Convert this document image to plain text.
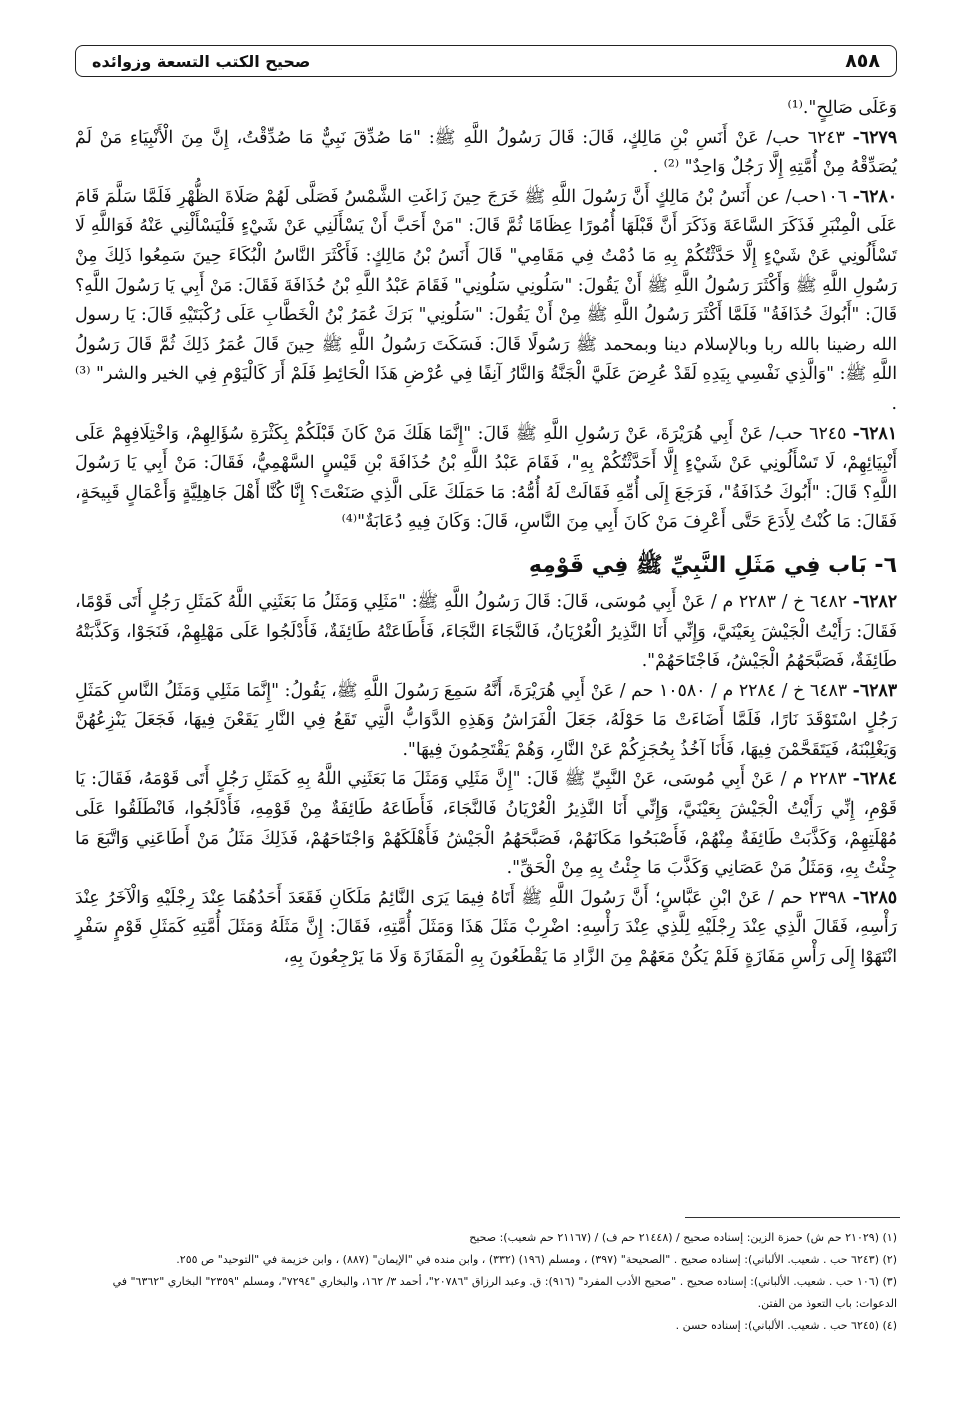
٨٥٨
صحيح الكتب التسعة وزوائده

وَعَلَى صَالِحٍ".⁽¹⁾

٦٢٧٩- ٦٢٤٣ حب/ عَنْ أَنَسِ بْنِ مَالِكٍ، قَالَ: قَالَ رَسُولُ اللَّهِ ﷺ: "مَا صُدِّقَ نَبِيٌّ مَا صُدِّقْتُ، إِنَّ مِنَ الْأَنْبِيَاءِ مَنْ لَمْ يُصَدِّقْهُ مِنْ أُمَّتِهِ إِلَّا رَجُلٌ وَاحِدٌ" ⁽²⁾ .

٦٢٨٠- ١٠٦حب/ عن أَنَسُ بْنُ مَالِكٍ أَنَّ رَسُولَ اللَّهِ ﷺ خَرَجَ حِينَ زَاغَتِ الشَّمْسُ فَصَلَّى لَهُمْ صَلَاةَ الظُّهْرِ فَلَمَّا سَلَّمَ قَامَ عَلَى الْمِنْبَرِ فَذَكَرَ السَّاعَةَ وَذَكَرَ أَنَّ قَبْلَهَا أُمُورًا عِظَامًا ثُمَّ قَالَ: "مَنْ أَحَبَّ أَنْ يَسْأَلَنِي عَنْ شَيْءٍ فَلْيَسْأَلْنِي عَنْهُ فَوَاللَّهِ لَا تَسْأَلُونِي عَنْ شَيْءٍ إِلَّا حَدَّثْتُكُمْ بِهِ مَا دُمْتُ فِي مَقَامِي" قَالَ أَنَسُ بْنُ مَالِكٍ: فَأَكْثَرَ النَّاسُ الْبُكَاءَ حِينَ سَمِعُوا ذَلِكَ مِنْ رَسُولِ اللَّهِ ﷺ وَأَكْثَرَ رَسُولُ اللَّهِ ﷺ أَنْ يَقُولَ: "سَلُونِي سَلُونِي" فَقَامَ عَبْدُ اللَّهِ بْنُ حُذَافَةَ فَقَالَ: مَنْ أَبِي يَا رَسُولَ اللَّهِ؟ قَالَ: "أَبُوكَ حُذَافَةُ" فَلَمَّا أَكْثَرَ رَسُولُ اللَّهِ ﷺ مِنْ أَنْ يَقُولَ: "سَلُونِي" بَرَكَ عُمَرُ بْنُ الْخَطَّابِ عَلَى رُكْبَتَيْهِ قَالَ: يَا رسول الله رضينا بالله ربا وبالإسلام دينا وبمحمد ﷺ رَسُولًا قَالَ: فَسَكَتَ رَسُولُ اللَّهِ ﷺ حِينَ قَالَ عُمَرُ ذَلِكَ ثُمَّ قَالَ رَسُولُ اللَّهِ ﷺ: "وَالَّذِي نَفْسِي بِيَدِهِ لَقَدْ عُرِضَ عَلَيَّ الْجَنَّةُ وَالنَّارُ آنِفًا فِي عُرْضِ هَذَا الْحَائِطِ فَلَمْ أَرَ كَالْيَوْمِ فِي الخير والشر" ⁽³⁾ .

٦٢٨١- ٦٢٤٥ حب/ عَنْ أَبِي هُرَيْرَةَ، عَنْ رَسُولِ اللَّهِ ﷺ قَالَ: "إِنَّمَا هَلَكَ مَنْ كَانَ قَبْلَكُمْ بِكَثْرَةِ سُؤَالِهِمْ، وَاخْتِلَافِهِمْ عَلَى أَنْبِيَائِهِمْ، لَا تَسْأَلُونِي عَنْ شَيْءٍ إِلَّا أَحَدَّثْتُكُمْ بِهِ"، فَقَامَ عَبْدُ اللَّهِ بْنُ حُذَافَةَ بْنِ قَيْسٍ السَّهْمِيُّ، فَقَالَ: مَنْ أَبِي يَا رَسُولَ اللَّهِ؟ قَالَ: "أَبُوكَ حُذَافَةُ"، فَرَجَعَ إِلَى أُمِّهِ فَقَالَتْ لَهُ أُمُّهُ: مَا حَمَلَكَ عَلَى الَّذِي صَنَعْتَ؟ إِنَّا كُنَّا أَهْلَ جَاهِلِيَّةٍ وَأَعْمَالٍ قَبِيحَةٍ، فَقَالَ: مَا كُنْتُ لِأَدَعَ حَتَّى أَعْرِفَ مَنْ كَانَ أَبِي مِنَ النَّاسِ، قَالَ: وَكَانَ فِيهِ دُعَابَةٌ"⁽⁴⁾

٦- بَاب فِي مَثَلِ النَّبِيِّ ﷺ فِي قَوْمِهِ

٦٢٨٢- ٦٤٨٢ خ / ٢٢٨٣ م / عَنْ أَبِي مُوسَى، قَالَ: قَالَ رَسُولُ اللَّهِ ﷺ: "مَثَلِي وَمَثَلُ مَا بَعَثَنِي اللَّهُ كَمَثَلِ رَجُلٍ أَتَى قَوْمًا، فَقَالَ: رَأَيْتُ الْجَيْشَ بِعَيْنَيَّ، وَإِنِّي أَنَا النَّذِيرُ الْعُرْيَانُ، فَالنَّجَاءَ النَّجَاءَ، فَأَطَاعَتْهُ طَائِفَةٌ، فَأَدْلَجُوا عَلَى مَهْلِهِمْ، فَنَجَوْا، وَكَذَّبَتْهُ طَائِفَةٌ، فَصَبَّحَهُمُ الْجَيْشُ، فَاجْتَاحَهُمْ".

٦٢٨٣- ٦٤٨٣ خ / ٢٢٨٤ م / ١٠٥٨٠ حم / عَنْ أَبِي هُرَيْرَةَ، أَنَّهُ سَمِعَ رَسُولَ اللَّهِ ﷺ، يَقُولُ: "إِنَّمَا مَثَلِي وَمَثَلُ النَّاسِ كَمَثَلِ رَجُلٍ اسْتَوْقَدَ نَارًا، فَلَمَّا أَضَاءَتْ مَا حَوْلَهُ، جَعَلَ الْفَرَاشُ وَهَذِهِ الدَّوَابُّ الَّتِي تَقَعُ فِي النَّارِ يَقَعْنَ فِيهَا، فَجَعَلَ يَنْزِعُهُنَّ وَيَغْلِبْنَهُ، فَيَتَقَحَّمْنَ فِيهَا، فَأَنَا آخُذُ بِحُجَزِكُمْ عَنْ النَّارِ، وَهُمْ يَقْتَحِمُونَ فِيهَا".

٦٢٨٤- ٢٢٨٣ م / عَنْ أَبِي مُوسَى، عَنْ النَّبِيِّ ﷺ قَالَ: "إِنَّ مَثَلِي وَمَثَلَ مَا بَعَثَنِي اللَّهُ بِهِ كَمَثَلِ رَجُلٍ أَتَى قَوْمَهُ، فَقَالَ: يَا قَوْمِ، إِنِّي رَأَيْتُ الْجَيْشَ بِعَيْنَيَّ، وَإِنِّي أَنَا النَّذِيرُ الْعُرْيَانُ فَالنَّجَاءَ، فَأَطَاعَهُ طَائِفَةٌ مِنْ قَوْمِهِ، فَأَدْلَجُوا، فَانْطَلَقُوا عَلَى مُهْلَتِهِمْ، وَكَذَّبَتْ طَائِفَةٌ مِنْهُمْ، فَأَصْبَحُوا مَكَانَهُمْ، فَصَبَّحَهُمُ الْجَيْشُ فَأَهْلَكَهُمْ وَاجْتَاحَهُمْ، فَذَلِكَ مَثَلُ مَنْ أَطَاعَنِي وَاتَّبَعَ مَا جِئْتُ بِهِ، وَمَثَلُ مَنْ عَصَانِي وَكَذَّبَ مَا جِئْتُ بِهِ مِنْ الْحَقِّ".

٦٢٨٥- ٢٣٩٨ حم / عَنْ ابْنِ عَبَّاسٍ؛ أَنَّ رَسُولَ اللَّهِ ﷺ أَتَاهُ فِيمَا يَرَى النَّائِمُ مَلَكَانِ فَقَعَدَ أَحَدُهُمَا عِنْدَ رِجْلَيْهِ وَالْآخَرُ عِنْدَ رَأْسِهِ، فَقَالَ الَّذِي عِنْدَ رِجْلَيْهِ لِلَّذِي عِنْدَ رَأْسِهِ: اضْرِبْ مَثَلَ هَذَا وَمَثَلَ أُمَّتِهِ، فَقَالَ: إِنَّ مَثَلَهُ وَمَثَلَ أُمَّتِهِ كَمَثَلِ قَوْمٍ سَفْرٍ انْتَهَوْا إِلَى رَأْسِ مَفَازَةٍ فَلَمْ يَكُنْ مَعَهُمْ مِنَ الزَّادِ مَا يَقْطَعُونَ بِهِ الْمَفَازَةَ وَلَا مَا يَرْجِعُونَ بِهِ،

(١) (٢١٠٢٩ حم ش) حمزة الزين: إسناده صحيح / (٢١٤٤٨ حم ف) / (٢١١٦٧ حم شعيب): صحيح

(٢) (٦٢٤٣ حب . شعيب. الألباني): إسناده صحيح . "الصحيحة" (٣٩٧) ، ومسلم (١٩٦) (٣٣٢) ، وابن منده في "الإيمان" (٨٨٧) ، وابن خزيمة في "التوحيد" ص ٢٥٥.

(٣) (١٠٦ حب . شعيب. الألباني): إسناده صحيح . "صحيح الأدب المفرد" (٩١٦): ق. وعبد الرزاق "٢٠٧٨٦"، أحمد ٣/ ١٦٢، والبخاري "٧٢٩٤"، ومسلم "٢٣٥٩" البخاري "٦٣٦٢" في الدعوات: باب التعوذ من الفتن.

(٤) (٦٢٤٥ حب . شعيب. الألباني): إسناده حسن .
